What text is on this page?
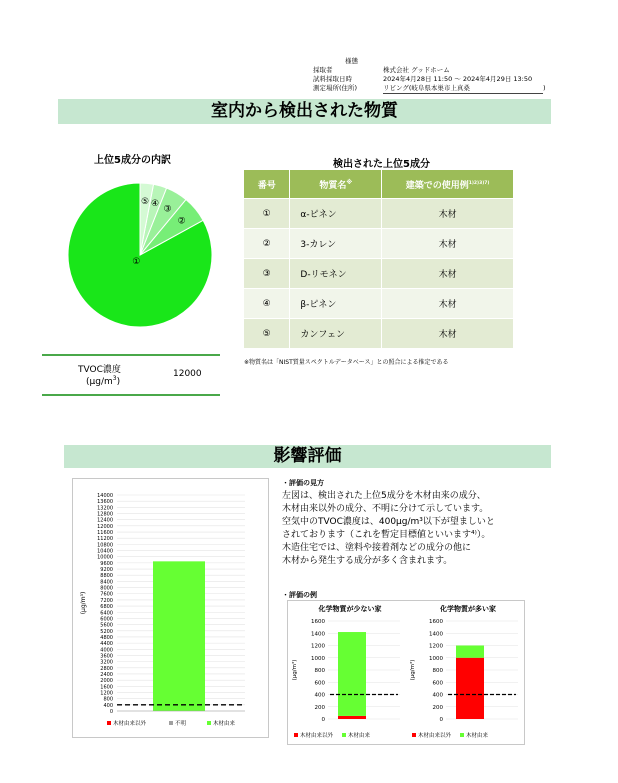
様態
採取者	株式会社 グッドホーム
試料採取日時	2024年4月28日 11:50 ～ 2024年4月29日 13:50
測定場所(住所)	リビング(岐阜県本巣市上真桑	)
室内から検出された物質
上位5成分の内訳
①
②
③
④
⑤
TVOC濃度
$(\mu g/m^3)$
12000
検出された上位5成分
番号	物質名※	建築での使用例$^{1)2)3)7)}$
①	α-ピネン	木材
②	3-カレン	木材
③	D-リモネン	木材
④	β-ピネン	木材
⑤	カンフェン	木材
※物質名は「NIST質量スペクトルデータベース」との照合による推定である
影響評価
0
400
800
1200
1600
2000
2400
2800
3200
3600
4000
4400
4800
5200
5600
6000
6400
6800
7200
7600
8000
8400
8800
9200
9600
10000
10400
10800
11200
11600
12000
12400
12800
13200
13600
14000
(μg/m³)
木材由来以外	不明	木材由来
・評価の見方
左図は、検出された上位5成分を木材由来の成分、
木材由来以外の成分、不明に分けて示しています。
空気中のTVOC濃度は、400μg/m³以下が望ましいと
されております（これを暫定目標値といいます⁴⁾）。
木造住宅では、塗料や接着剤などの成分の他に
木材から発生する成分が多く含まれます。
・評価の例
化学物質が少ない家
0
200
400
600
800
1000
1200
1400
1600
(μg/m³)
木材由来以外	木材由来
化学物質が多い家
0
200
400
600
800
1000
1200
1400
1600
(μg/m³)
木材由来以外	木材由来
